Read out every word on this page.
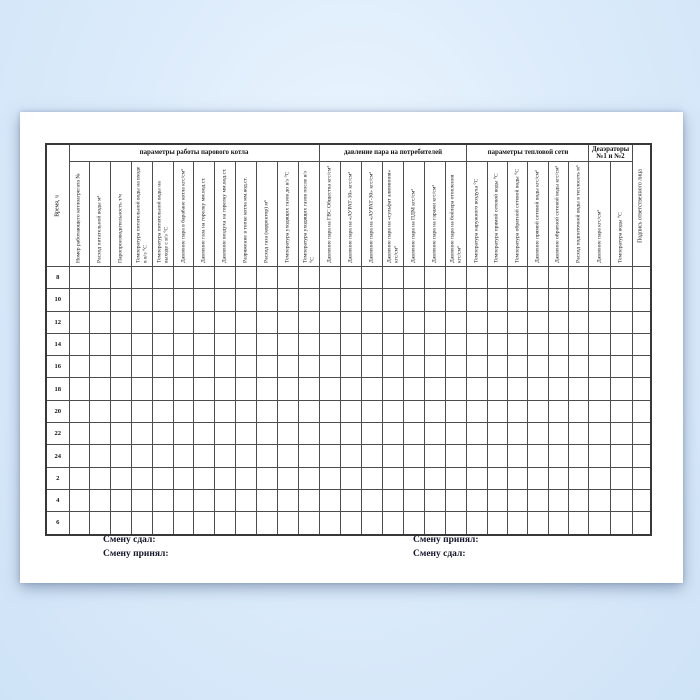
Время, ч	параметры работы парового котла												давление пара на потребителей							параметры тепловой сети						Деаэраторы №1 и №2		Подпись ответственного лица

	Номер работающего котлоагрегата №	Расход питательной воды м³	Паропроизводительность т/ч	Температура питательной воды на входе в в/э °С	Температура питательной воды на выходе с в/э °С	Давление пара в барабане котла кгс/см²	Давление газа на горелку мм.вод.ст.	Давление воздуха на горелку мм.вод.ст.	Разряжение в топке котла мм.вод.ст.	Расход газа (корректор) м³	Температура уходящих газов до в/э °С	Температура уходящих газов после в/э °С	Давление пара на ГВС Общества кгс/см²	Давление пара на «АУРАТ-10» кгс/см²	Давление пара на «АУРАТ-30» кгс/см²	Давление пара на «сульфат алюминия» кгс/см²	Давление пара на ПДМ кгс/см²	Давление пара на гаражи кгс/см²	Давление пара на бойлера отопления кгс/см²	Температура наружного воздуха °С	Температура прямой сетевой воды °С	Температура обратной сетевой воды °С	Давление прямой сетевой воды кгс/см²	Давление обратной сетевой воды кгс/см²	Расход подпиточной воды в теплосеть м³	Давление пара кгс/см²	Температура воды °С	

8																												
10																												
12																												
14																												
16																												
18																												
20																												
22																												
24																												
2																												
4																												
6																												
Смену сдал:
Смену принял:
Смену принял:
Смену сдал:
